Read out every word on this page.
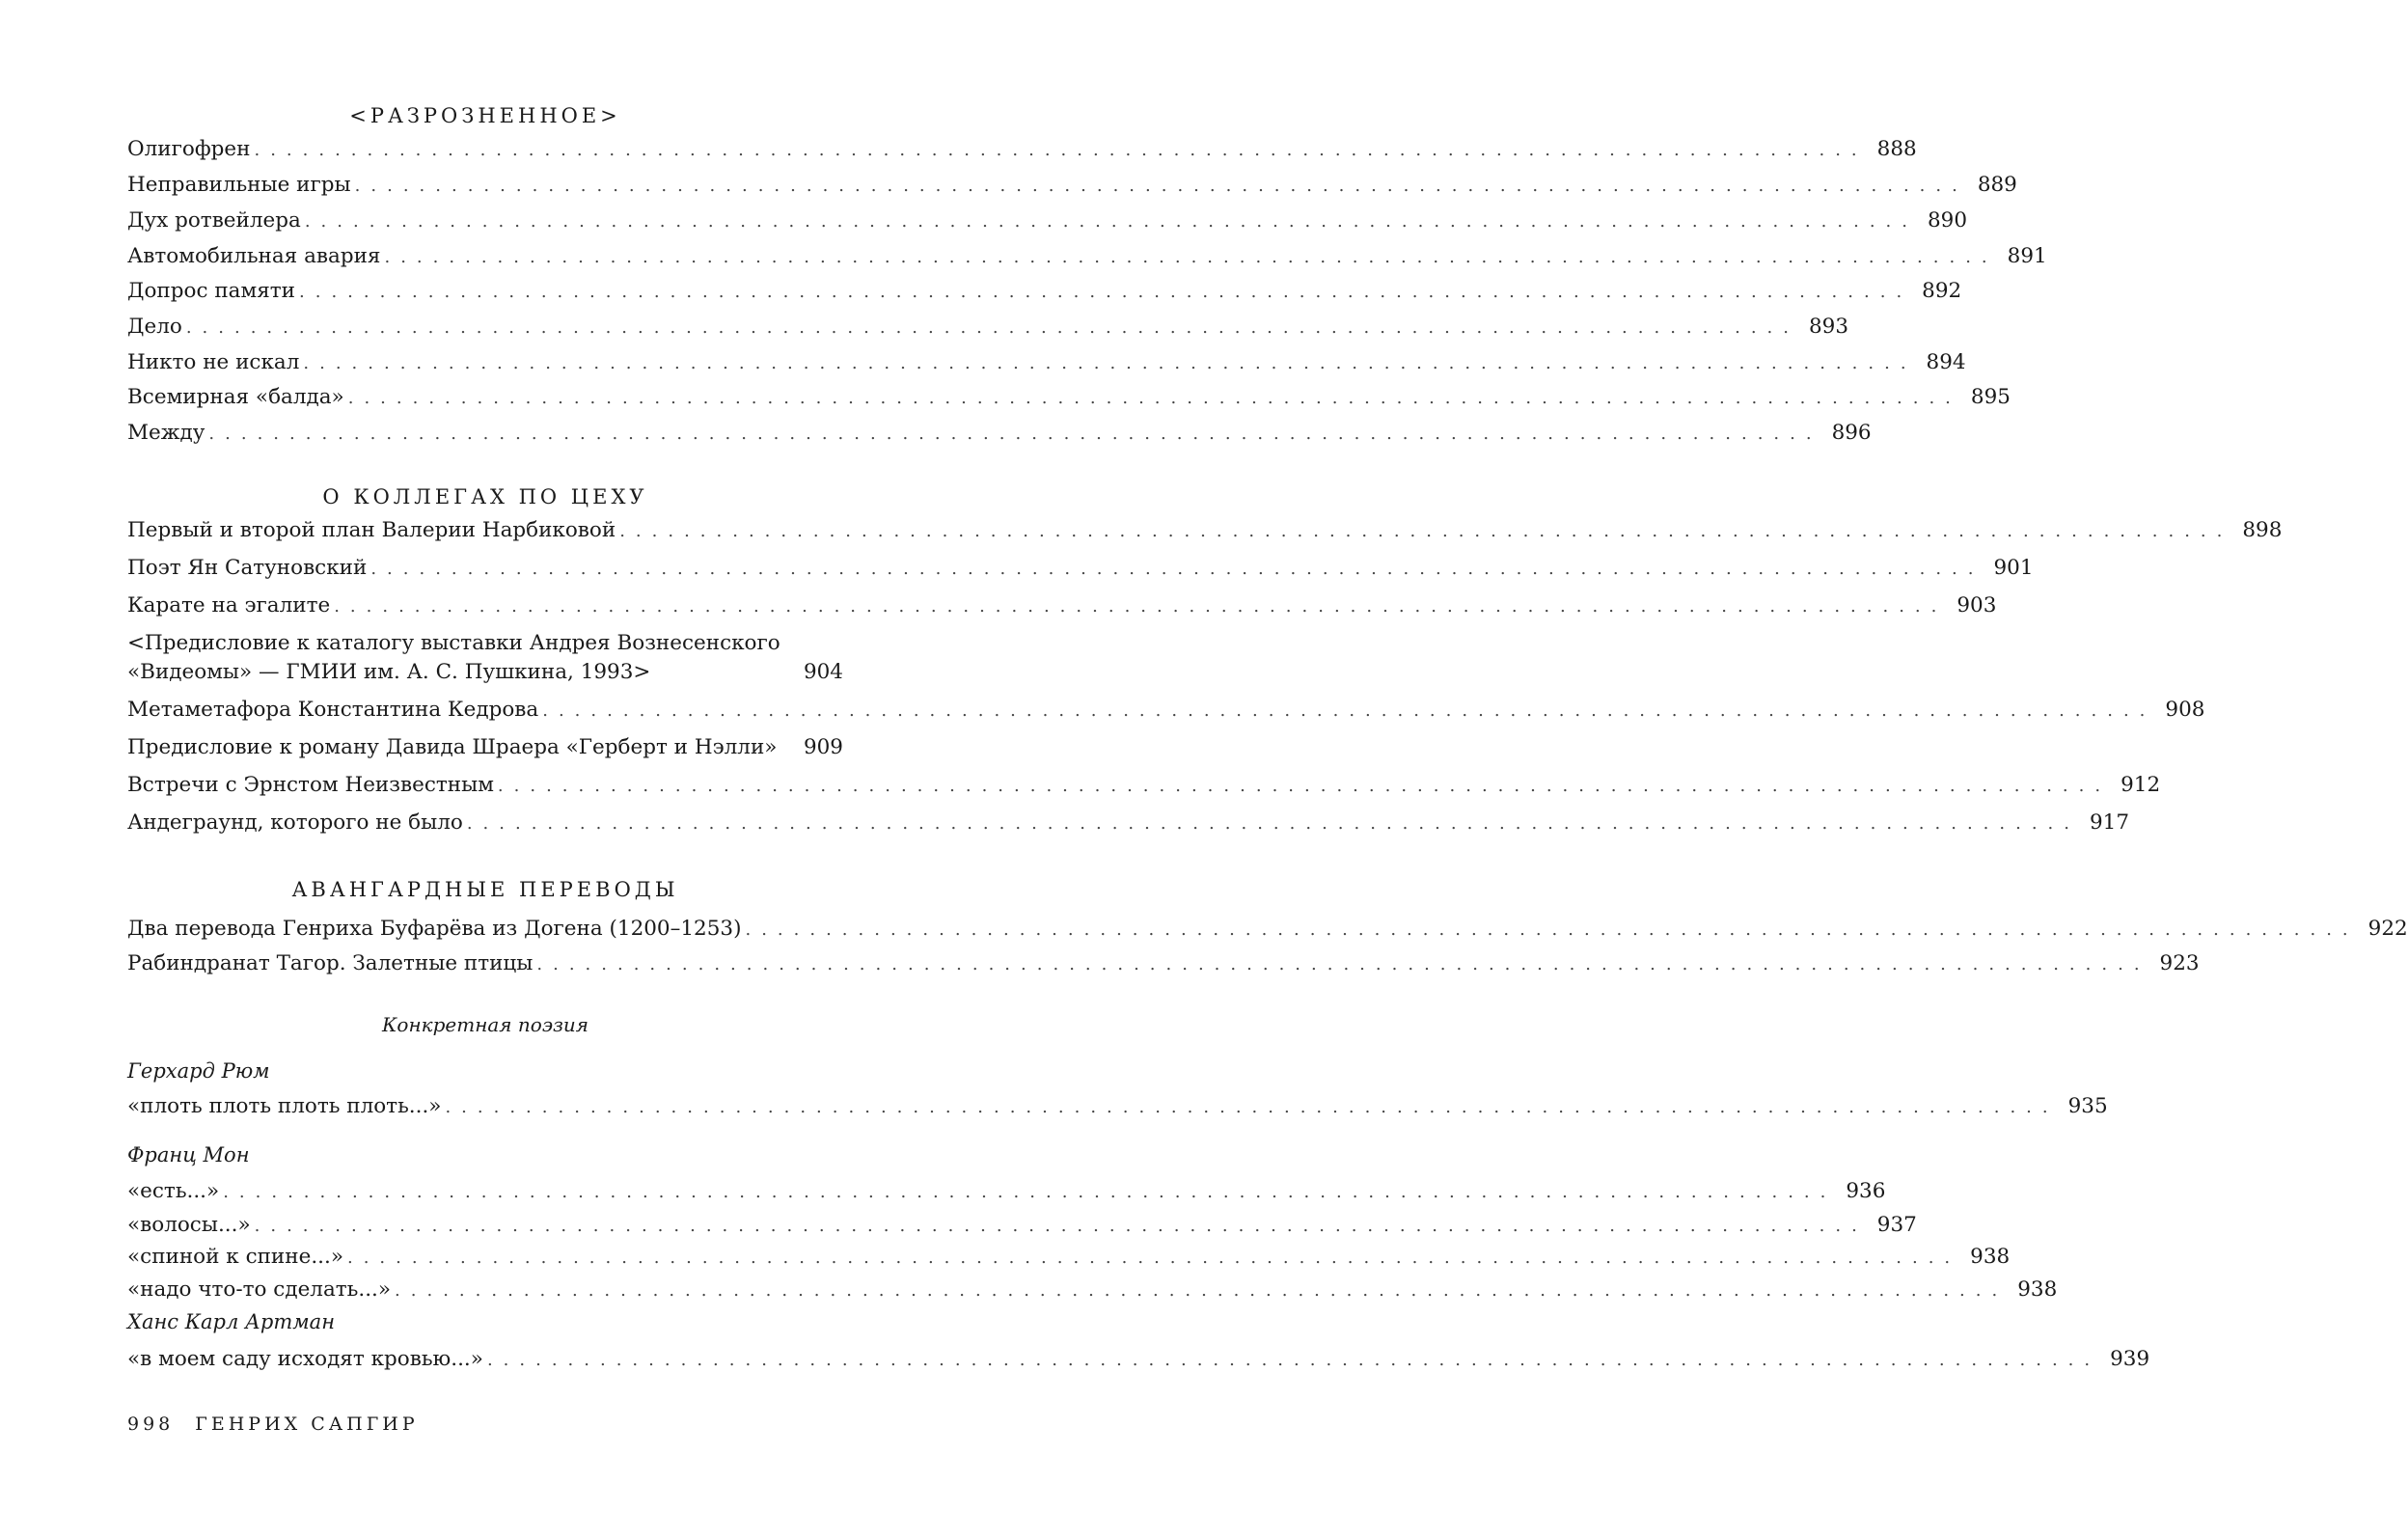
<РАЗРОЗНЕННОЕ>
Олигофрен .................................................................................................... 888
Неправильные игры .................................................................................................... 889
Дух ротвейлера .................................................................................................... 890
Автомобильная авария .................................................................................................... 891
Допрос памяти .................................................................................................... 892
Дело .................................................................................................... 893
Никто не искал .................................................................................................... 894
Всемирная «балда» .................................................................................................... 895
Между .................................................................................................... 896
О КОЛЛЕГАХ ПО ЦЕХУ
Первый и второй план Валерии Нарбиковой .................................................................................................... 898
Поэт Ян Сатуновский .................................................................................................... 901
Карате на эгалите .................................................................................................... 903
<Предисловие к каталогу выставки Андрея Вознесенского
«Видеомы» — ГМИИ им. А. С. Пушкина, 1993>	904
Метаметафора Константина Кедрова .................................................................................................... 908
Предисловие к роману Давида Шраера «Герберт и Нэлли»	909
Встречи с Эрнстом Неизвестным .................................................................................................... 912
Андеграунд, которого не было .................................................................................................... 917
АВАНГАРДНЫЕ ПЕРЕВОДЫ
Два перевода Генриха Буфарёва из Догена (1200–1253) .................................................................................................... 922
Рабиндранат Тагор. Залетные птицы .................................................................................................... 923
Конкретная поэзия
Герхард Рюм
«плоть плоть плоть плоть...» .................................................................................................... 935
Франц Мон
«есть...» .................................................................................................... 936
«волосы...» .................................................................................................... 937
«спиной к спине...» .................................................................................................... 938
«надо что-то сделать...» .................................................................................................... 938
Ханс Карл Артман
«в моем саду исходят кровью...» .................................................................................................... 939
998 ГЕНРИХ САПГИР
